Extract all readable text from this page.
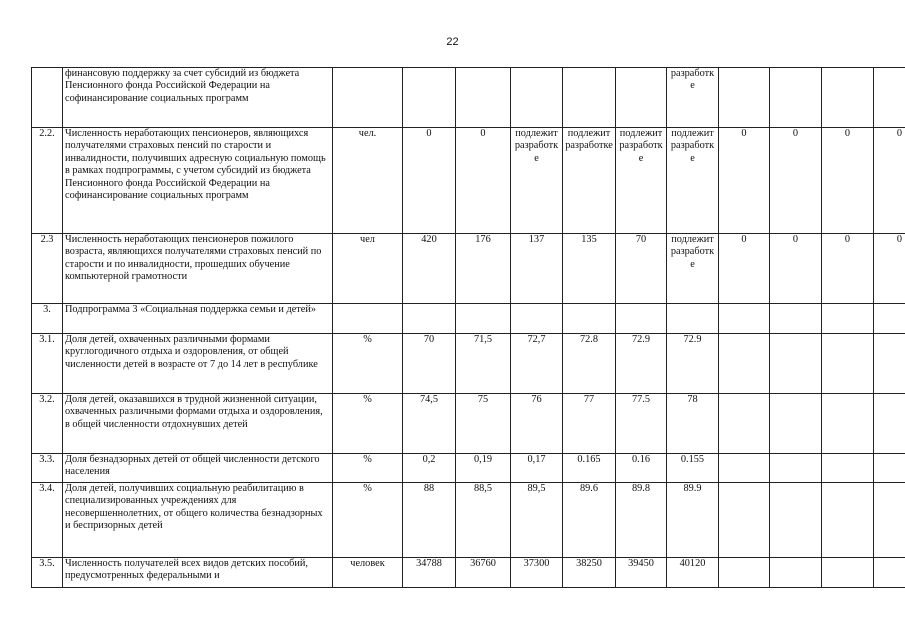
22
	финансовую поддержку за счет субсидий из бюджета Пенсионного фонда Российской Федерации на софинансирование социальных программ							разработке				
2.2.	Численность неработающих пенсионеров, являющихся получателями страховых пенсий по старости и инвалидности, получивших адресную социальную помощь в рамках подпрограммы, с учетом субсидий из бюджета Пенсионного фонда Российской Федерации на софинансирование социальных программ	чел.	0	0	подлежит разработке	подлежит разработке	подлежит разработке	подлежит разработке	0	0	0	0
2.3	Численность неработающих пенсионеров пожилого возраста, являющихся получателями страховых пенсий по старости и по инвалидности, прошедших обучение компьютерной грамотности	чел	420	176	137	135	70	подлежит разработке	0	0	0	0
3.	Подпрограмма 3 «Социальная поддержка семьи и детей»											
3.1.	Доля детей, охваченных различными формами круглогодичного отдыха и оздоровления, от общей численности детей в возрасте от 7 до 14 лет в республике	%	70	71,5	72,7	72.8	72.9	72.9				
3.2.	Доля детей, оказавшихся в трудной жизненной ситуации, охваченных различными формами отдыха и оздоровления, в общей численности отдохнувших детей	%	74,5	75	76	77	77.5	78				
3.3.	Доля безнадзорных детей от общей численности детского населения	%	0,2	0,19	0,17	0.165	0.16	0.155				
3.4.	Доля детей, получивших социальную реабилитацию в специализированных учреждениях для несовершеннолетних, от общего количества безнадзорных и беспризорных детей	%	88	88,5	89,5	89.6	89.8	89.9				
3.5.	Численность получателей всех видов детских пособий, предусмотренных федеральными и	человек	34788	36760	37300	38250	39450	40120				
